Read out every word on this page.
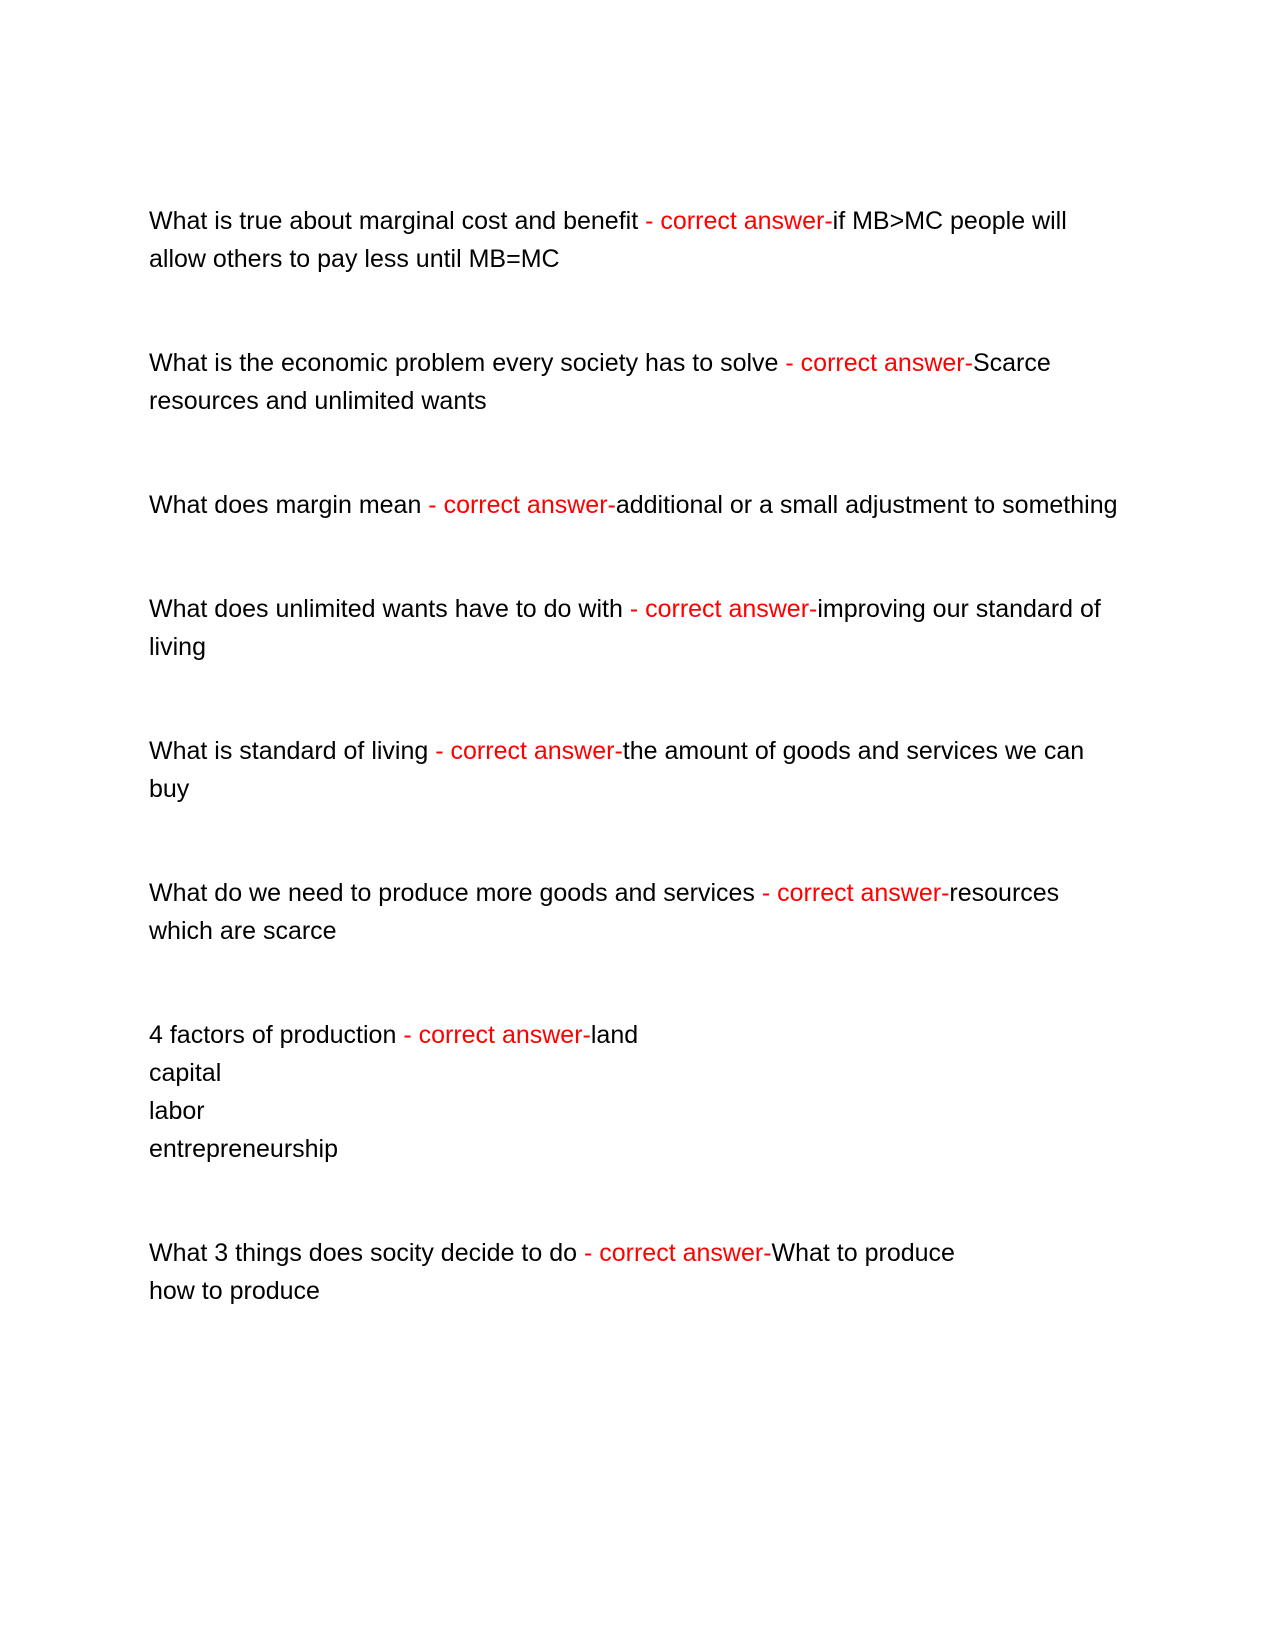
What is true about marginal cost and benefit - correct answer-if MB>MC people will allow others to pay less until MB=MC

What is the economic problem every society has to solve - correct answer-Scarce resources and unlimited wants

What does margin mean - correct answer-additional or a small adjustment to something

What does unlimited wants have to do with - correct answer-improving our standard of living

What is standard of living - correct answer-the amount of goods and services we can buy

What do we need to produce more goods and services - correct answer-resources which are scarce

4 factors of production - correct answer-land

capital

labor

entrepreneurship

What 3 things does socity decide to do - correct answer-What to produce

how to produce
